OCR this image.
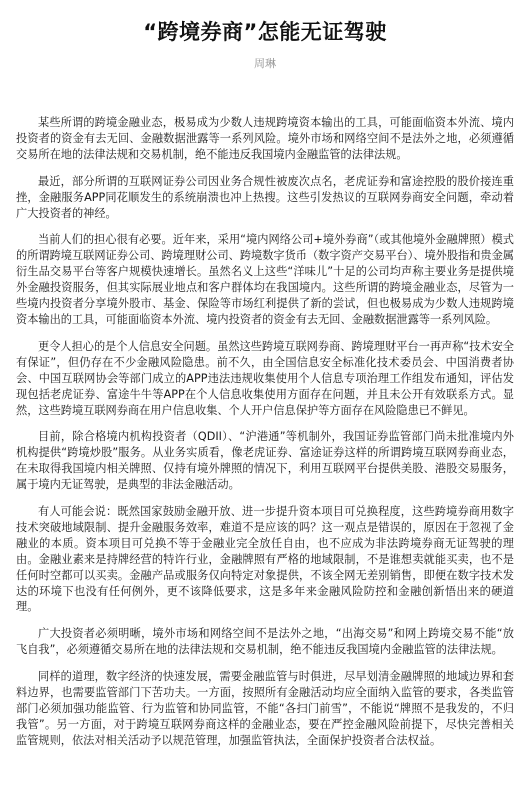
“跨境券商”怎能无证驾驶
周琳

某些所谓的跨境金融业态，极易成为少数人违规跨境资本输出的工具，可能面临资本外流、境内投资者的资金有去无回、金融数据泄露等一系列风险。境外市场和网络空间不是法外之地，必须遵循交易所在地的法律法规和交易机制，绝不能违反我国境内金融监管的法律法规。

最近，部分所谓的互联网证券公司因业务合规性被废次点名，老虎证券和富途控股的股价接连重挫，金融服务APP同花顺发生的系统崩溃也冲上热搜。这些引发热议的互联网券商安全问题，牵动着广大投资者的神经。

当前人们的担心很有必要。近年来，采用“境内网络公司+境外券商”（或其他境外金融牌照）模式的所谓跨境互联网证券公司、跨境理财公司、跨境数字货币（数字资产交易平台）、境外股指和贵金属衍生品交易平台等客户规模快速增长。虽然名义上这些“洋味儿”十足的公司均声称主要业务是提供境外金融投资服务，但其实际展业地点和客户群体均在我国境内。这些所谓的跨境金融业态，尽管为一些境内投资者分享境外股市、基金、保险等市场红利提供了新的尝试，但也极易成为少数人违规跨境资本输出的工具，可能面临资本外流、境内投资者的资金有去无回、金融数据泄露等一系列风险。

更令人担心的是个人信息安全问题。虽然这些跨境互联网券商、跨境理财平台一再声称“技术安全有保证”，但仍存在不少金融风险隐患。前不久，由全国信息安全标准化技术委员会、中国消费者协会、中国互联网协会等部门成立的APP违法违规收集使用个人信息专项治理工作组发布通知，评估发现包括老虎证券、富途牛牛等APP在个人信息收集使用方面存在问题，并且未公开有效联系方式。显然，这些跨境互联网券商在用户信息收集、个人开户信息保护等方面存在风险隐患已不鲜见。

目前，除合格境内机构投资者（QDII）、“沪港通”等机制外，我国证券监管部门尚未批准境内外机构提供“跨境炒股”服务。从业务实质看，像老虎证券、富途证券这样的所谓跨境互联网券商业态，在未取得我国境内相关牌照、仅持有境外牌照的情况下，利用互联网平台提供美股、港股交易服务，属于境内无证驾驶，是典型的非法金融活动。

有人可能会说：既然国家鼓励金融开放、进一步提升资本项目可兑换程度，这些跨境券商用数字技术突破地域限制、提升金融服务效率，难道不是应该的吗？这一观点是错误的，原因在于忽视了金融业的本质。资本项目可兑换不等于金融业完全放任自由，也不应成为非法跨境券商无证驾驶的理由。金融业素来是持牌经营的特许行业，金融牌照有严格的地域限制，不是谁想卖就能买卖，也不是任何时空都可以买卖。金融产品或服务仅向特定对象提供，不该全网无差别销售，即便在数字技术发达的环境下也没有任何例外，更不该降低要求，这是多年来金融风险防控和金融创新悟出来的硬道理。

广大投资者必须明晰，境外市场和网络空间不是法外之地，“出海交易”和网上跨境交易不能“放飞自我”，必须遵循交易所在地的法律法规和交易机制，绝不能违反我国境内金融监管的法律法规。

同样的道理，数字经济的快速发展，需要金融监管与时俱进，尽早划清金融牌照的地域边界和套料边界，也需要监管部门下苦功夫。一方面，按照所有金融活动均应全面纳入监管的要求，各类监管部门必须加强功能监管、行为监管和协同监管，不能“各扫门前雪”，不能说“牌照不是我发的，不归我管”。另一方面，对于跨境互联网券商这样的金融业态，要在严控金融风险前提下，尽快完善相关监管规则，依法对相关活动予以规范管理，加强监管执法，全面保护投资者合法权益。
